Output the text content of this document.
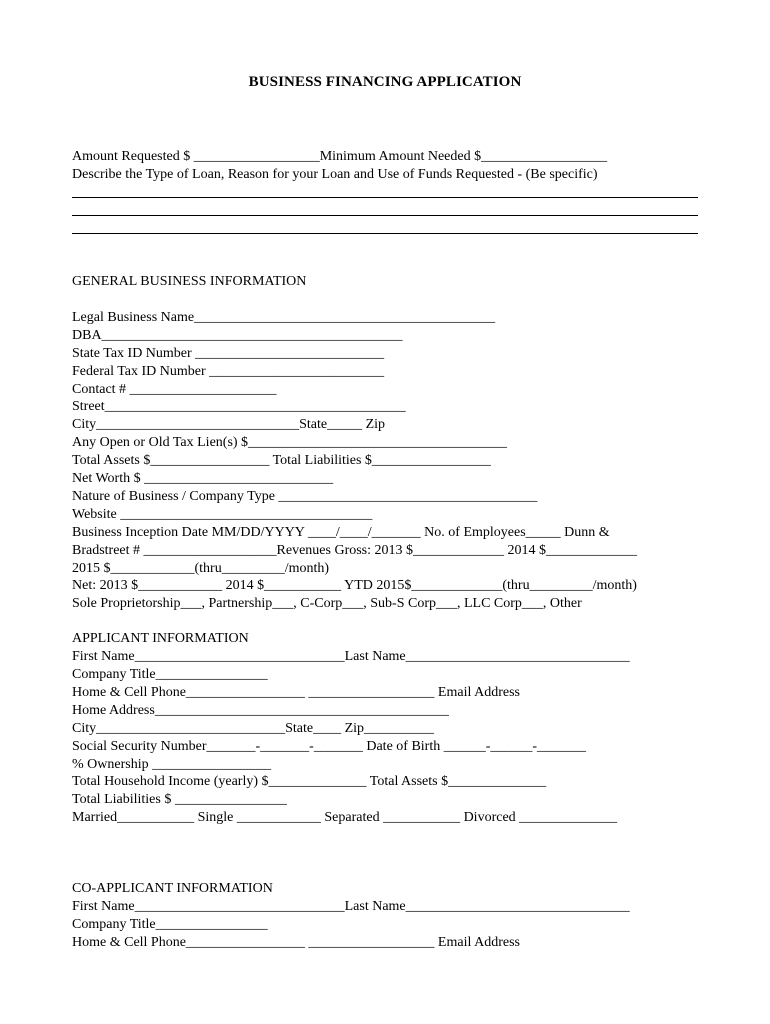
BUSINESS FINANCING APPLICATION
Amount Requested $ __________________Minimum Amount Needed $__________________
Describe the Type of Loan, Reason for your Loan and Use of Funds Requested - (Be specific)
GENERAL BUSINESS INFORMATION
Legal Business Name___________________________________________
DBA___________________________________________
State Tax ID Number ___________________________
Federal Tax ID Number _________________________
Contact # _____________________
Street___________________________________________
City_____________________________State_____ Zip
Any Open or Old Tax Lien(s) $_____________________________________
Total Assets $_________________ Total Liabilities $_________________
Net Worth $ ___________________________
Nature of Business / Company Type _____________________________________
Website ____________________________________
Business Inception Date MM/DD/YYYY ____/____/_______ No. of Employees_____ Dunn &
Bradstreet # ___________________Revenues Gross: 2013 $_____________ 2014 $_____________
2015 $____________(thru_________/month)
Net: 2013 $____________ 2014 $___________ YTD 2015$_____________(thru_________/month)
Sole Proprietorship___, Partnership___, C-Corp___, Sub-S Corp___, LLC Corp___, Other
APPLICANT INFORMATION
First Name______________________________Last Name________________________________
Company Title________________
Home & Cell Phone_________________ __________________ Email Address
Home Address__________________________________________
City___________________________State____ Zip__________
Social Security Number_______-_______-_______ Date of Birth ______-______-_______
% Ownership _________________
Total Household Income (yearly) $______________ Total Assets $______________
Total Liabilities $ ________________
Married___________ Single ____________ Separated ___________ Divorced ______________
CO-APPLICANT INFORMATION
First Name______________________________Last Name________________________________
Company Title________________
Home & Cell Phone_________________ __________________ Email Address
